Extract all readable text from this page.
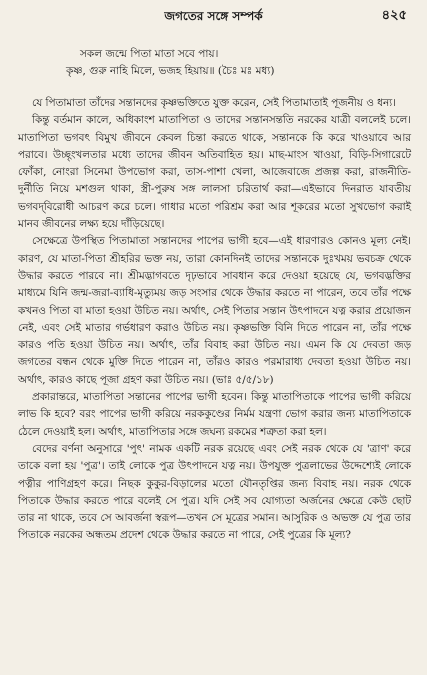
জগতের সঙ্গে সম্পর্ক	৪২৫
সকল জন্মে পিতা মাতা সবে পায়।
কৃষ্ণ, গুরু নাহি মিলে, ভজহ হিয়ায়॥ (চৈঃ মঃ মধ্য)

যে পিতামাতা তাঁদের সন্তানদের কৃষ্ণভক্তিতে যুক্ত করেন, সেই পিতামাতাই পূজনীয় ও ধন্য।

কিন্তু বর্তমান কালে, অধিকাংশ মাতাপিতা ও তাদের সন্তানসন্ততি নরকের যাত্রী বললেই চলে। মাতাপিতা ভগবৎ বিমুখ জীবনে কেবল চিন্তা করতে থাকে, সন্তানকে কি করে খাওয়াবে আর পরাবে। উচ্ছৃংখলতার মধ্যে তাদের জীবন অতিবাহিত হয়। মাছ-মাংস খাওয়া, বিড়ি-সিগারেটে ফোঁকা, নোংরা সিনেমা উপভোগ করা, তাস-পাশা খেলা, আজেবাজে প্রজল্প করা, রাজনীতি-দুর্নীতি নিয়ে মশগুল থাকা, স্ত্রী-পুরুষ সঙ্গ লালসা চরিতার্থ করা—এইভাবে দিনরাত যাবতীয় ভগবদ্‌বিরোধী আচরণ করে চলে। গাধার মতো পরিশ্রম করা আর শূকরের মতো সুখভোগ করাই মানব জীবনের লক্ষ্য হয়ে দাঁড়িয়েছে।

সেক্ষেত্রে উপস্থিত পিতামাতা সন্তানদের পাপের ভাগী হবে—এই ধারণারও কোনও মূল্য নেই। কারণ, যে মাতা-পিতা শ্রীহরির ভক্ত নয়, তারা কোনদিনই তাদের সন্তানকে দুঃখময় ভবচক্র থেকে উদ্ধার করতে পারবে না। শ্রীমদ্ভাগবতে দৃঢ়ভাবে সাবধান করে দেওয়া হয়েছে যে, ভগবদ্ভক্তির মাধ্যমে যিনি জন্ম-জরা-ব্যাধি-মৃত্যুময় জড় সংসার থেকে উদ্ধার করতে না পারেন, তবে তাঁর পক্ষে কখনও পিতা বা মাতা হওয়া উচিত নয়। অর্থাৎ, সেই পিতার সন্তান উৎপাদনে যত্ন করার প্রয়োজন নেই, এবং সেই মাতার গর্ভধারণ করাও উচিত নয়। কৃষ্ণভক্তি বিনি দিতে পারেন না, তাঁর পক্ষে কারও পতি হওয়া উচিত নয়। অর্থাৎ, তাঁর বিবাহ করা উচিত নয়। এমন কি যে দেবতা জড় জগতের বন্ধন থেকে মুক্তি দিতে পারেন না, তাঁরও কারও পরমারাধ্য দেবতা হওয়া উচিত নয়। অর্থাৎ, কারও কাছে পূজা গ্রহণ করা উচিত নয়। (ভাঃ ৫/৫/১৮)

প্রকারান্তরে, মাতাপিতা সন্তানের পাপের ভাগী হবেন। কিন্তু মাতাপিতাকে পাপের ভাগী করিয়ে লাভ কি হবে? বরং পাপের ভাগী করিয়ে নরককুণ্ডের নির্মম যন্ত্রণা ভোগ করার জন্য মাতাপিতাকে ঠেলে দেওয়াই হল। অর্থাৎ, মাতাপিতার সঙ্গে জঘন্য রকমের শত্রুতা করা হল।

বেদের বর্ণনা অনুসারে 'পুৎ' নামক একটি নরক রয়েছে এবং সেই নরক থেকে যে 'ত্রাণ' করে তাকে বলা হয় 'পুত্র'। তাই লোকে পুত্র উৎপাদনে যত্ন নয়। উপযুক্ত পুত্রলাভের উদ্দেশ্যেই লোকে পত্নীর পাণিগ্রহণ করে। নিছক কুকুর-বিড়ালের মতো যৌনতৃপ্তির জন্য বিবাহ নয়। নরক থেকে পিতাকে উদ্ধার করতে পারে বলেই সে পুত্র। যদি সেই সব যোগ্যতা অর্জনের ক্ষেত্রে কেউ ছোট তার না থাকে, তবে সে আবর্জনা স্বরূপ—তখন সে মূত্রের সমান। আসুরিক ও অভক্ত যে পুত্র তার পিতাকে নরকের অন্ধতম প্রদেশ থেকে উদ্ধার করতে না পারে, সেই পুত্রের কি মূল্য?
